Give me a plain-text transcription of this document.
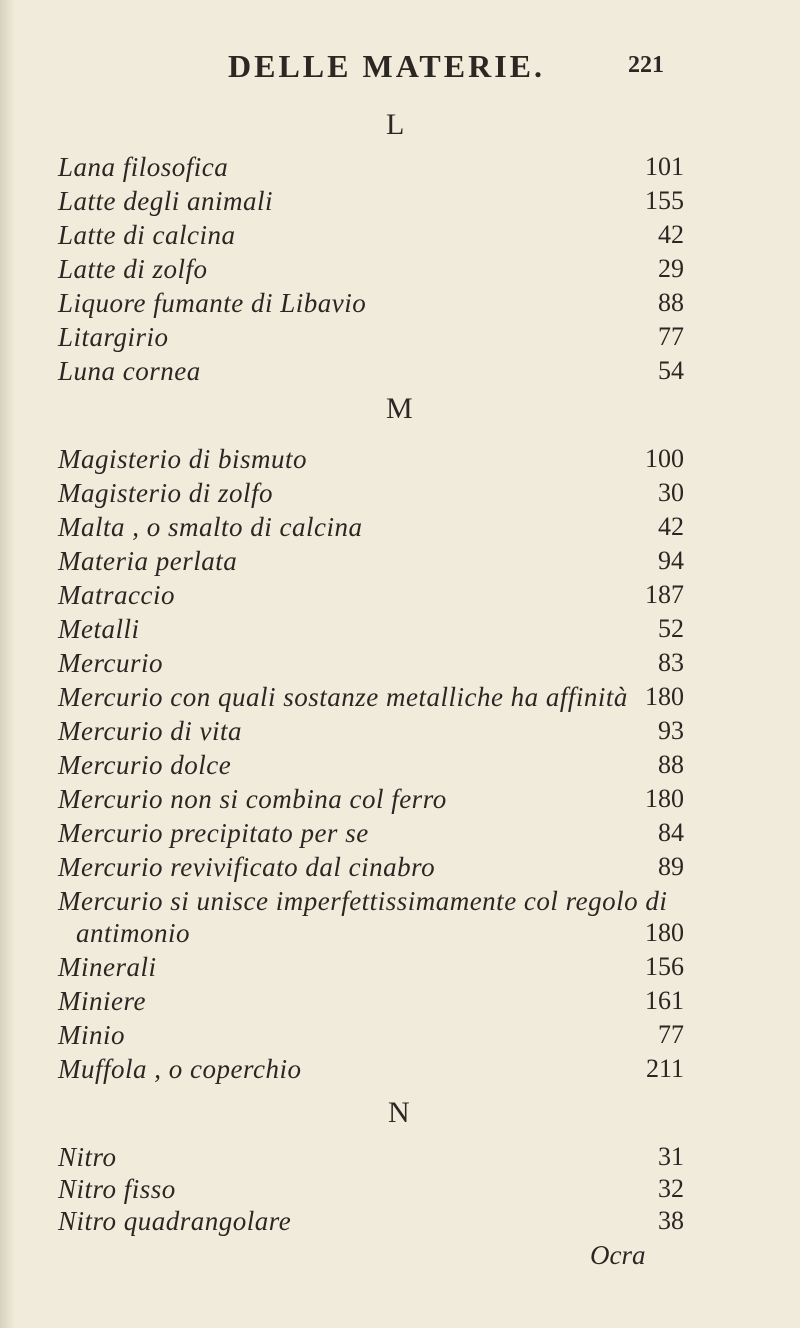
DELLE MATERIE.	221
L
Lana filosofica	101
Latte degli animali	155
Latte di calcina	42
Latte di zolfo	29
Liquore fumante di Libavio	88
Litargirio	77
Luna cornea	54
M
Magisterio di bismuto	100
Magisterio di zolfo	30
Malta , o smalto di calcina	42
Materia perlata	94
Matraccio	187
Metalli	52
Mercurio	83
Mercurio con quali sostanze metalliche ha affinità 180
Mercurio di vita	93
Mercurio dolce	88
Mercurio non si combina col ferro	180
Mercurio precipitato per se	84
Mercurio revivificato dal cinabro	89
Mercurio si unisce imperfettissimamente col regolo di
antimonio	180
Minerali	156
Miniere	161
Minio	77
Muffola , o coperchio	211
N
Nitro	31
Nitro fisso	32
Nitro quadrangolare	38
Ocra
